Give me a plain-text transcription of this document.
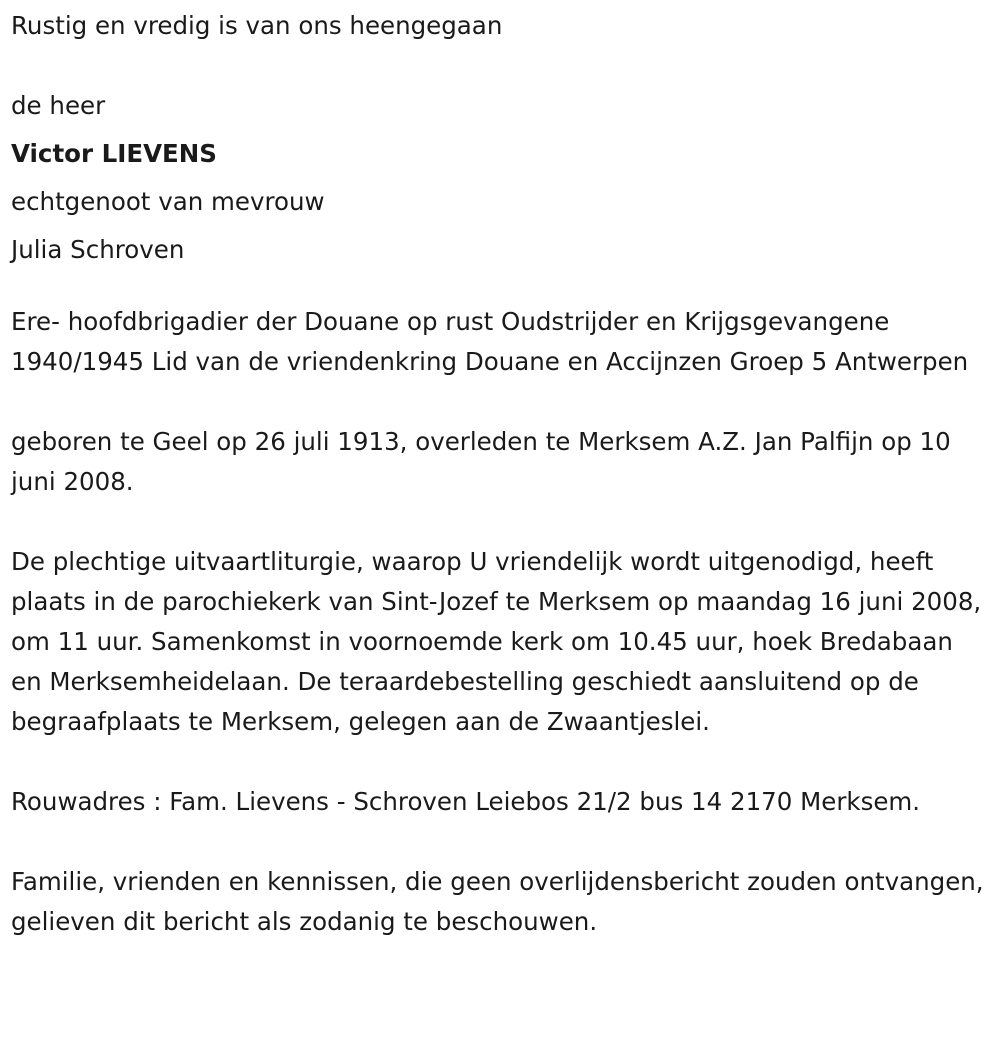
Rustig en vredig is van ons heengegaan

de heer

Victor LIEVENS

echtgenoot van mevrouw

Julia Schroven

Ere- hoofdbrigadier der Douane op rust Oudstrijder en Krijgsgevangene 1940/1945 Lid van de vriendenkring Douane en Accijnzen Groep 5 Antwerpen

geboren te Geel op 26 juli 1913, overleden te Merksem A.Z. Jan Palfijn op 10 juni 2008.

De plechtige uitvaartliturgie, waarop U vriendelijk wordt uitgenodigd, heeft plaats in de parochiekerk van Sint-Jozef te Merksem op maandag 16 juni 2008, om 11 uur. Samenkomst in voornoemde kerk om 10.45 uur, hoek Bredabaan en Merksemheidelaan. De teraardebestelling geschiedt aansluitend op de begraafplaats te Merksem, gelegen aan de Zwaantjeslei.

Rouwadres : Fam. Lievens - Schroven Leiebos 21/2 bus 14 2170 Merksem.

Familie, vrienden en kennissen, die geen overlijdensbericht zouden ontvangen, gelieven dit bericht als zodanig te beschouwen.
